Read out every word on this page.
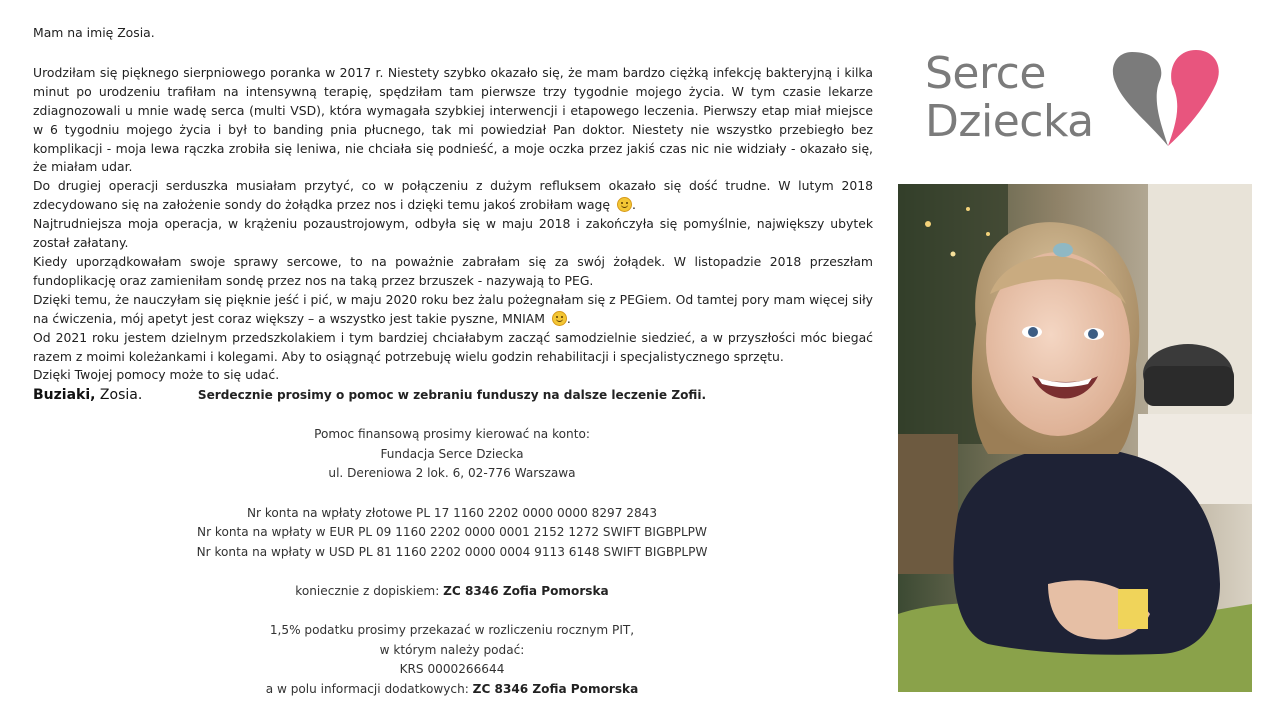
Mam na imię Zosia.

Urodziłam się pięknego sierpniowego poranka w 2017 r. Niestety szybko okazało się, że mam bardzo ciężką infekcję bakteryjną i kilka minut po urodzeniu trafiłam na intensywną terapię, spędziłam tam pierwsze trzy tygodnie mojego życia. W tym czasie lekarze zdiagnozowali u mnie wadę serca (multi VSD), która wymagała szybkiej interwencji i etapowego leczenia. Pierwszy etap miał miejsce w 6 tygodniu mojego życia i był to banding pnia płucnego, tak mi powiedział Pan doktor. Niestety nie wszystko przebiegło bez komplikacji - moja lewa rączka zrobiła się leniwa, nie chciała się podnieść, a moje oczka przez jakiś czas nic nie widziały - okazało się, że miałam udar.

Do drugiej operacji serduszka musiałam przytyć, co w połączeniu z dużym refluksem okazało się dość trudne. W lutym 2018 zdecydowano się na założenie sondy do żołądka przez nos i dzięki temu jakoś zrobiłam wagę .

Najtrudniejsza moja operacja, w krążeniu pozaustrojowym, odbyła się w maju 2018 i zakończyła się pomyślnie, największy ubytek został załatany.

Kiedy uporządkowałam swoje sprawy sercowe, to na poważnie zabrałam się za swój żołądek. W listopadzie 2018 przeszłam fundoplikację oraz zamieniłam sondę przez nos na taką przez brzuszek - nazywają to PEG.

Dzięki temu, że nauczyłam się pięknie jeść i pić, w maju 2020 roku bez żalu pożegnałam się z PEGiem. Od tamtej pory mam więcej siły na ćwiczenia, mój apetyt jest coraz większy – a wszystko jest takie pyszne, MNIAM .

Od 2021 roku jestem dzielnym przedszkolakiem i tym bardziej chciałabym zacząć samodzielnie siedzieć, a w przyszłości móc biegać razem z moimi koleżankami i kolegami. Aby to osiągnąć potrzebuję wielu godzin rehabilitacji i specjalistycznego sprzętu.

Dzięki Twojej pomocy może to się udać.

Buziaki, Zosia.	Serdecznie prosimy o pomoc w zebraniu funduszy na dalsze leczenie Zofii.
Pomoc finansową prosimy kierować na konto:
Fundacja Serce Dziecka
ul. Dereniowa 2 lok. 6, 02-776 Warszawa
Nr konta na wpłaty złotowe PL 17 1160 2202 0000 0000 8297 2843
Nr konta na wpłaty w EUR PL 09 1160 2202 0000 0001 2152 1272 SWIFT BIGBPLPW
Nr konta na wpłaty w USD PL 81 1160 2202 0000 0004 9113 6148 SWIFT BIGBPLPW
koniecznie z dopiskiem: ZC 8346 Zofia Pomorska
1,5% podatku prosimy przekazać w rozliczeniu rocznym PIT,
w którym należy podać:
KRS 0000266644
a w polu informacji dodatkowych: ZC 8346 Zofia Pomorska
Serce
Dziecka
